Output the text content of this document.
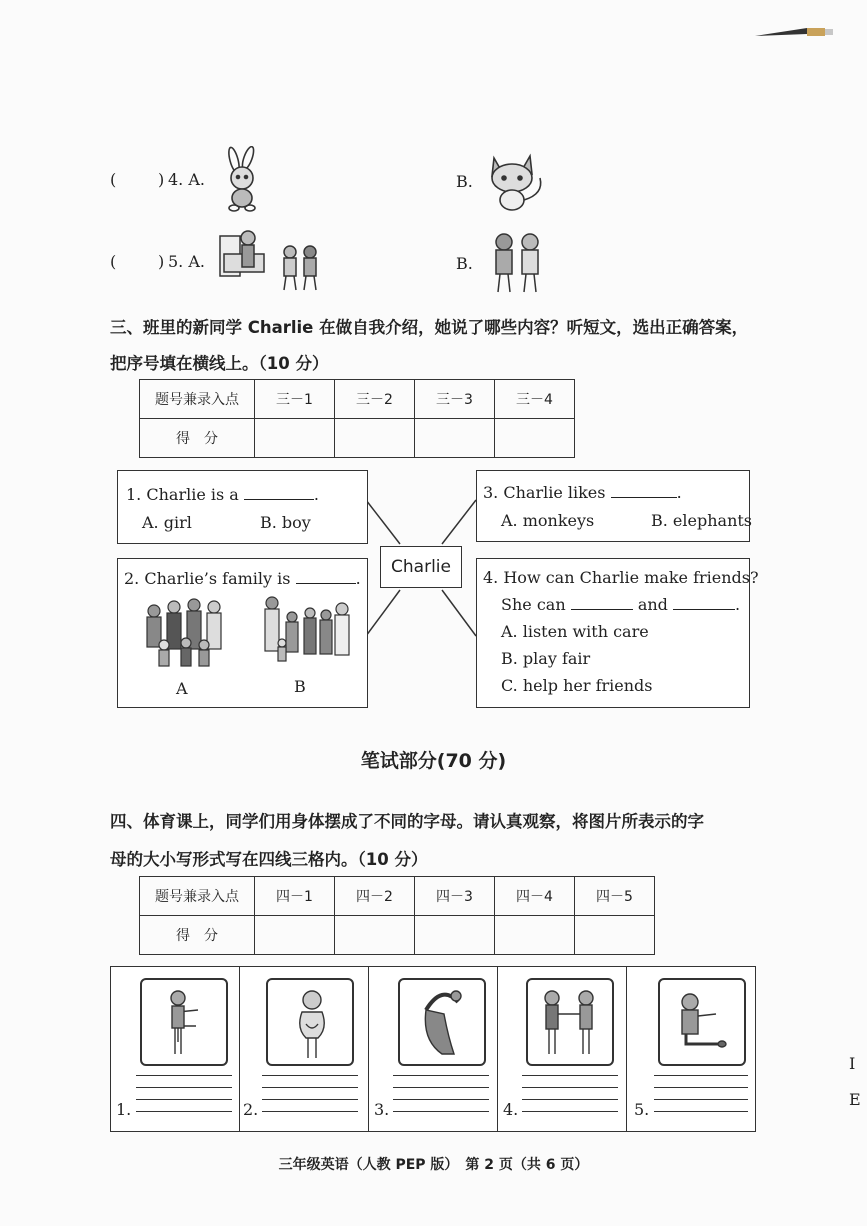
(	) 4. A.	B.
(	) 5. A.	B.
三、班里的新同学 Charlie 在做自我介绍，她说了哪些内容？听短文，选出正确答案，
把序号填在横线上。（10 分）
题号兼录入点	三－1	三－2	三－3	三－4
得　分				
1. Charlie is a	.
A. girl	B. boy
2. Charlie’s family is	.
A	B
Charlie
3. Charlie likes	.
A. monkeys	B. elephants
4. How can Charlie make friends?
She can	and	.
A. listen with care
B. play fair
C. help her friends
笔试部分(70 分)
四、体育课上，同学们用身体摆成了不同的字母。请认真观察，将图片所表示的字
母的大小写形式写在四线三格内。（10 分）
题号兼录入点	四－1	四－2	四－3	四－4	四－5
得　分					
1.	2.	3.	4.	5.
I
E
三年级英语（人教 PEP 版）　第 2 页（共 6 页）
